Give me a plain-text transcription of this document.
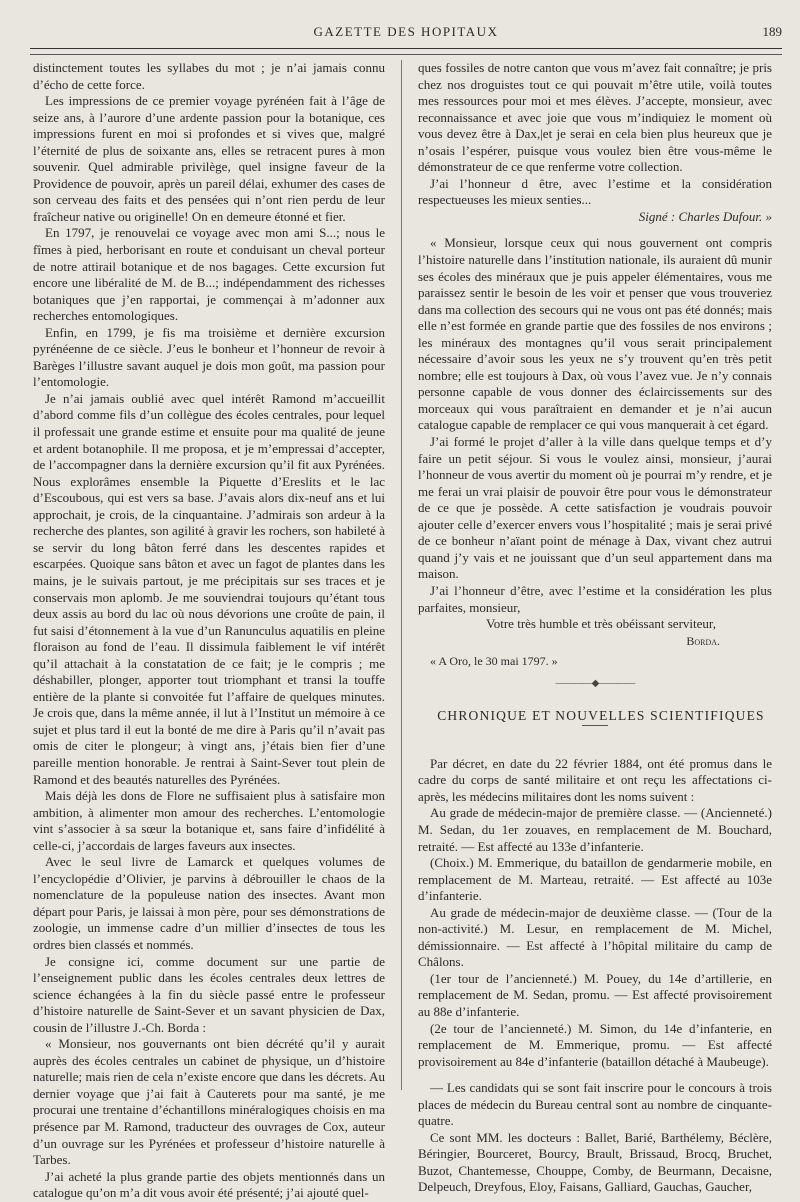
GAZETTE DES HOPITAUX	189

distinctement toutes les syllabes du mot ; je n’ai jamais connu d’écho de cette force.

Les impressions de ce premier voyage pyrénéen fait à l’âge de seize ans, à l’aurore d’une ardente passion pour la botanique, ces impressions furent en moi si profondes et si vives que, malgré l’éternité de plus de soixante ans, elles se retracent pures à mon souvenir. Quel admirable privilège, quel insigne faveur de la Providence de pouvoir, après un pareil délai, exhumer des cases de son cerveau des faits et des pensées qui n’ont rien perdu de leur fraîcheur native ou originelle! On en demeure étonné et fier.

En 1797, je renouvelai ce voyage avec mon ami S...; nous le fîmes à pied, herborisant en route et conduisant un cheval porteur de notre attirail botanique et de nos bagages. Cette excursion fut encore une libéralité de M. de B...; indépendamment des richesses botaniques que j’en rapportai, je commençai à m’adonner aux recherches entomologiques.

Enfin, en 1799, je fis ma troisième et dernière excursion pyrénéenne de ce siècle. J’eus le bonheur et l’honneur de revoir à Barèges l’illustre savant auquel je dois mon goût, ma passion pour l’entomologie.

Je n’ai jamais oublié avec quel intérêt Ramond m’accueillit d’abord comme fils d’un collègue des écoles centrales, pour lequel il professait une grande estime et ensuite pour ma qualité de jeune et ardent botanophile. Il me proposa, et je m’empressai d’accepter, de l’accompagner dans la dernière excursion qu’il fit aux Pyrénées. Nous explorâmes ensemble la Piquette d’Ereslits et le lac d’Escoubous, qui est vers sa base. J’avais alors dix-neuf ans et lui approchait, je crois, de la cinquantaine. J’admirais son ardeur à la recherche des plantes, son agilité à gravir les rochers, son habileté à se servir du long bâton ferré dans les descentes rapides et escarpées. Quoique sans bâton et avec un fagot de plantes dans les mains, je le suivais partout, je me précipitais sur ses traces et je conservais mon aplomb. Je me souviendrai toujours qu’étant tous deux assis au bord du lac où nous dévorions une croûte de pain, il fut saisi d’étonnement à la vue d’un Ranunculus aquatilis en pleine floraison au fond de l’eau. Il dissimula faiblement le vif intérêt qu’il attachait à la constatation de ce fait; je le compris ; me déshabiller, plonger, apporter tout triomphant et transi la touffe entière de la plante si convoitée fut l’affaire de quelques minutes. Je crois que, dans la même année, il lut à l’Institut un mémoire à ce sujet et plus tard il eut la bonté de me dire à Paris qu’il n’avait pas omis de citer le plongeur; à vingt ans, j’étais bien fier d’une pareille mention honorable. Je rentrai à Saint-Sever tout plein de Ramond et des beautés naturelles des Pyrénées.

Mais déjà les dons de Flore ne suffisaient plus à satisfaire mon ambition, à alimenter mon amour des recherches. L’entomologie vint s’associer à sa sœur la botanique et, sans faire d’infidélité à celle-ci, j’accordais de larges faveurs aux insectes.

Avec le seul livre de Lamarck et quelques volumes de l’encyclopédie d’Olivier, je parvins à débrouiller le chaos de la nomenclature de la populeuse nation des insectes. Avant mon départ pour Paris, je laissai à mon père, pour ses démonstrations de zoologie, un immense cadre d’un millier d’insectes de tous les ordres bien classés et nommés.

Je consigne ici, comme document sur une partie de l’enseignement public dans les écoles centrales deux lettres de science échangées à la fin du siècle passé entre le professeur d’histoire naturelle de Saint-Sever et un savant physicien de Dax, cousin de l’illustre J.-Ch. Borda :

« Monsieur, nos gouvernants ont bien décrété qu’il y aurait auprès des écoles centrales un cabinet de physique, un d’histoire naturelle; mais rien de cela n’existe encore que dans les décrets. Au dernier voyage que j’ai fait à Cauterets pour ma santé, je me procurai une trentaine d’échantillons minéralogiques choisis en ma présence par M. Ramond, traducteur des ouvrages de Cox, auteur d’un ouvrage sur les Pyrénées et professeur d’histoire naturelle à Tarbes.

J’ai acheté la plus grande partie des objets mentionnés dans un catalogue qu’on m’a dit vous avoir été présenté; j’ai ajouté quel-

ques fossiles de notre canton que vous m’avez fait connaître; je pris chez nos droguistes tout ce qui pouvait m’être utile, voilà toutes mes ressources pour moi et mes élèves. J’accepte, monsieur, avec reconnaissance et avec joie que vous m’indiquiez le moment où vous devez être à Dax,|et je serai en cela bien plus heureux que je n’osais l’espérer, puisque vous voulez bien être vous-même le démonstrateur de ce que renferme votre collection.

J’ai l’honneur d être, avec l’estime et la considération respectueuses les mieux senties...

Signé : Charles Dufour. »

« Monsieur, lorsque ceux qui nous gouvernent ont compris l’histoire naturelle dans l’institution nationale, ils auraient dû munir ses écoles des minéraux que je puis appeler élémentaires, vous me paraissez sentir le besoin de les voir et penser que vous trouveriez dans ma collection des secours qui ne vous ont pas été donnés; mais elle n’est formée en grande partie que des fossiles de nos environs ; les minéraux des montagnes qu’il vous serait principalement nécessaire d’avoir sous les yeux ne s’y trouvent qu’en très petit nombre; elle est toujours à Dax, où vous l’avez vue. Je n’y connais personne capable de vous donner des éclaircissements sur des morceaux qui vous paraîtraient en demander et je n’ai aucun catalogue capable de remplacer ce qui vous manquerait à cet égard.

J’ai formé le projet d’aller à la ville dans quelque temps et d’y faire un petit séjour. Si vous le voulez ainsi, monsieur, j’aurai l’honneur de vous avertir du moment où je pourrai m’y rendre, et je me ferai un vrai plaisir de pouvoir être pour vous le démonstrateur de ce que je possède. A cette satisfaction je voudrais pouvoir ajouter celle d’exercer envers vous l’hospitalité ; mais je serai privé de ce bonheur n’aïant point de ménage à Dax, vivant chez autrui quand j’y vais et ne jouissant que d’un seul appartement dans ma maison.

J’ai l’honneur d’être, avec l’estime et la considération les plus parfaites, monsieur,

Votre très humble et très obéissant serviteur,

Borda.

« A Oro, le 30 mai 1797. »

————◆————

CHRONIQUE ET NOUVELLES SCIENTIFIQUES

Par décret, en date du 22 février 1884, ont été promus dans le cadre du corps de santé militaire et ont reçu les affectations ci-après, les médecins militaires dont les noms suivent :

Au grade de médecin-major de première classe. — (Ancienneté.) M. Sedan, du 1er zouaves, en remplacement de M. Bouchard, retraité. — Est affecté au 133e d’infanterie.

(Choix.) M. Emmerique, du bataillon de gendarmerie mobile, en remplacement de M. Marteau, retraité. — Est affecté au 103e d’infanterie.

Au grade de médecin-major de deuxième classe. — (Tour de la non-activité.) M. Lesur, en remplacement de M. Michel, démissionnaire. — Est affecté à l’hôpital militaire du camp de Châlons.

(1er tour de l’ancienneté.) M. Pouey, du 14e d’artillerie, en remplacement de M. Sedan, promu. — Est affecté provisoirement au 88e d’infanterie.

(2e tour de l’ancienneté.) M. Simon, du 14e d’infanterie, en remplacement de M. Emmerique, promu. — Est affecté provisoirement au 84e d’infanterie (bataillon détaché à Maubeuge).

— Les candidats qui se sont fait inscrire pour le concours à trois places de médecin du Bureau central sont au nombre de cinquante-quatre.

Ce sont MM. les docteurs : Ballet, Barié, Barthélemy, Béclère, Béringier, Bourceret, Bourcy, Brault, Brissaud, Brocq, Bruchet, Buzot, Chantemesse, Chouppe, Comby, de Beurmann, Decaisne, Delpeuch, Dreyfous, Eloy, Faisans, Galliard, Gauchas, Gaucher,
